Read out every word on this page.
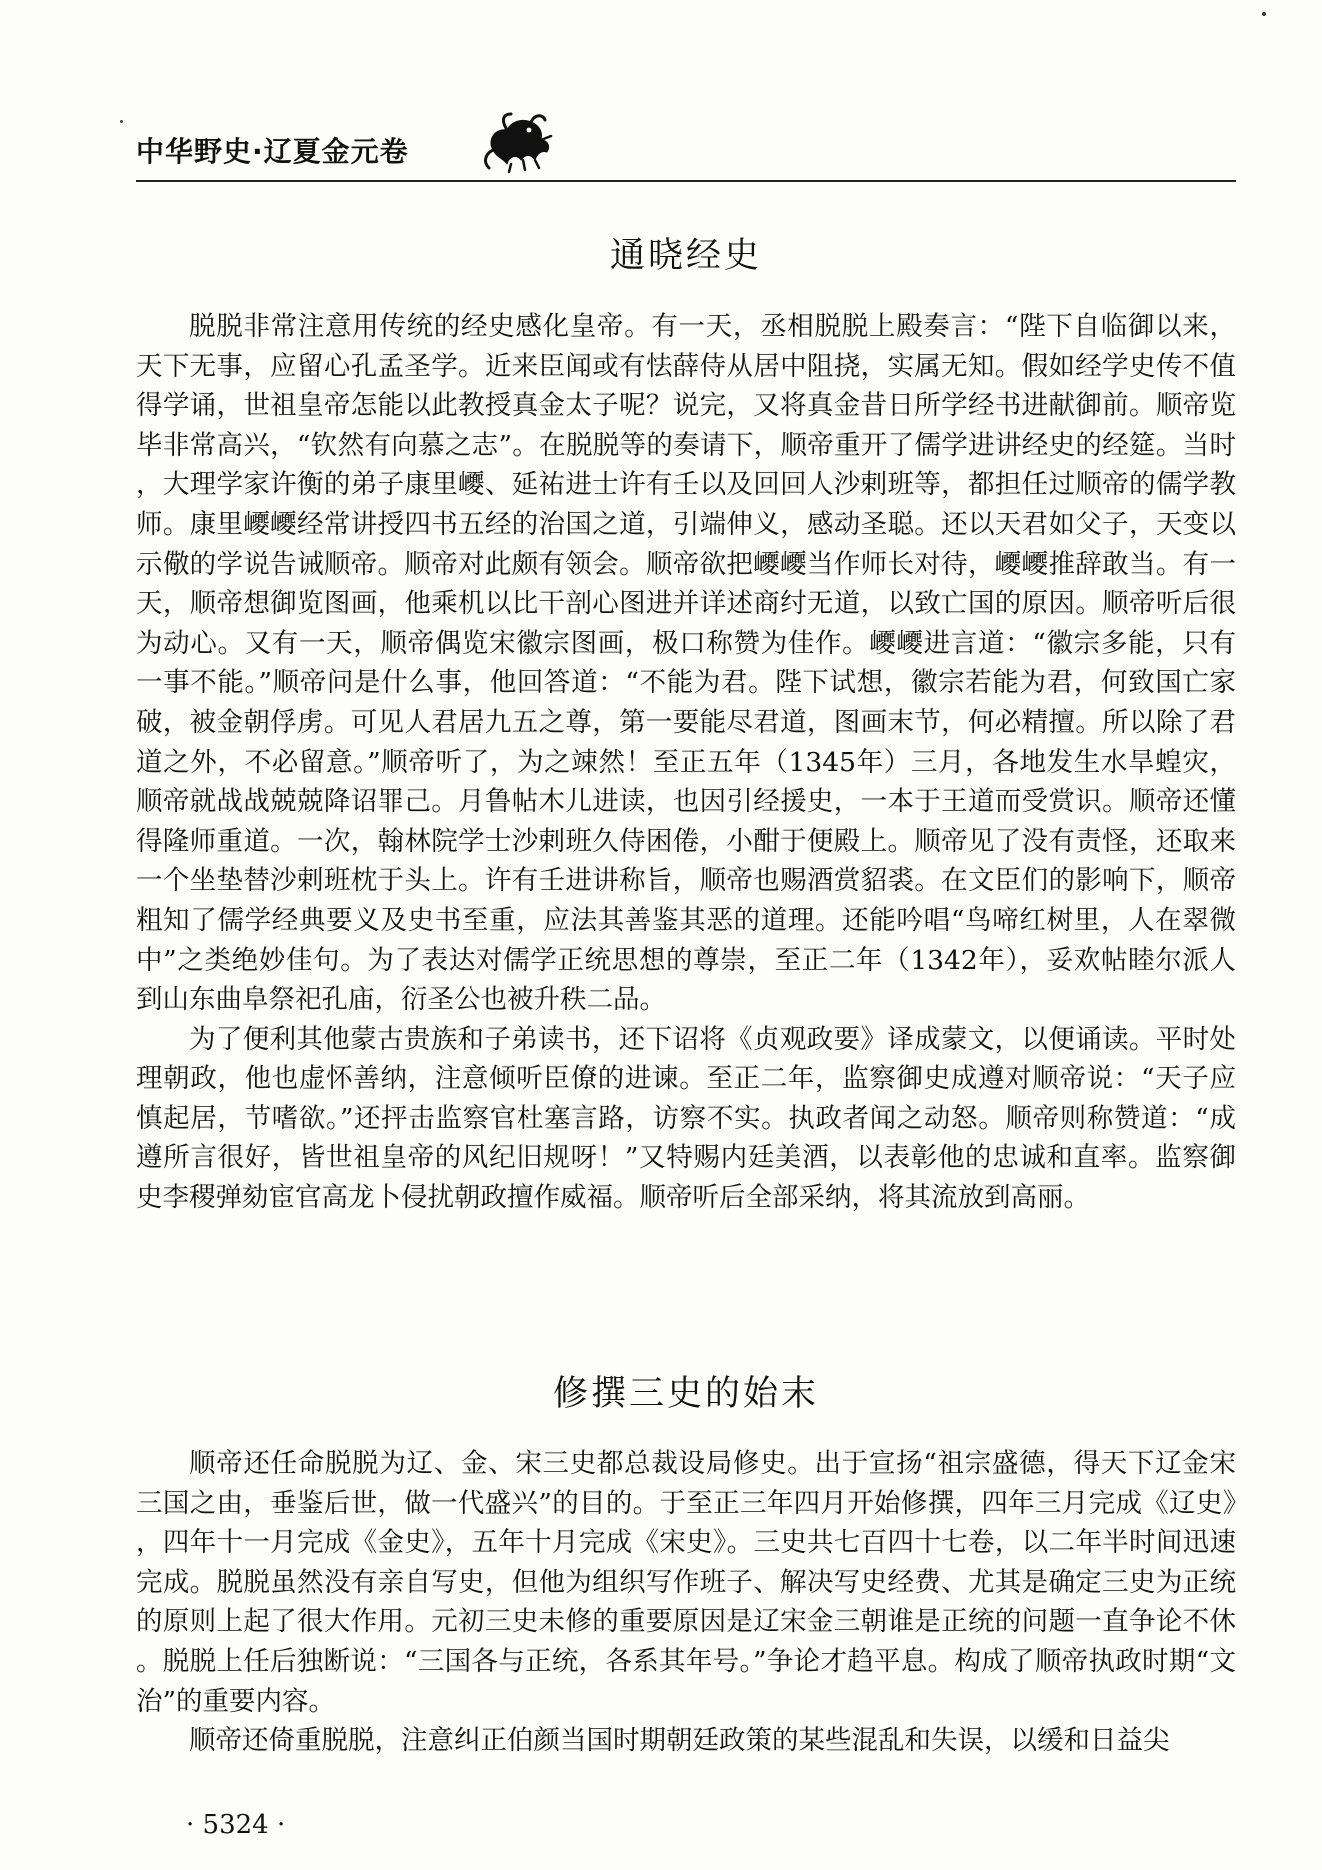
中华野史·辽夏金元卷
通晓经史

脱脱非常注意用传统的经史感化皇帝。有一天，丞相脱脱上殿奏言：“陛下自临御以来，天下无事，应留心孔孟圣学。近来臣闻或有怯薛侍从居中阻挠，实属无知。假如经学史传不值得学诵，世祖皇帝怎能以此教授真金太子呢？说完，又将真金昔日所学经书进献御前。顺帝览毕非常高兴，“钦然有向慕之志”。在脱脱等的奏请下，顺帝重开了儒学进讲经史的经筵。当时，大理学家许衡的弟子康里巎、延祐进士许有壬以及回回人沙剌班等，都担任过顺帝的儒学教师。康里巎巎经常讲授四书五经的治国之道，引端伸义，感动圣聪。还以天君如父子，天变以示儆的学说告诫顺帝。顺帝对此颇有领会。顺帝欲把巎巎当作师长对待，巎巎推辞敢当。有一天，顺帝想御览图画，他乘机以比干剖心图进并详述商纣无道，以致亡国的原因。顺帝听后很为动心。又有一天，顺帝偶览宋徽宗图画，极口称赞为佳作。巎巎进言道：“徽宗多能，只有一事不能。”顺帝问是什么事，他回答道：“不能为君。陛下试想，徽宗若能为君，何致国亡家破，被金朝俘虏。可见人君居九五之尊，第一要能尽君道，图画末节，何必精擅。所以除了君道之外，不必留意。”顺帝听了，为之竦然！至正五年（1345年）三月，各地发生水旱蝗灾，顺帝就战战兢兢降诏罪己。月鲁帖木儿进读，也因引经援史，一本于王道而受赏识。顺帝还懂得隆师重道。一次，翰林院学士沙剌班久侍困倦，小酣于便殿上。顺帝见了没有责怪，还取来一个坐垫替沙剌班枕于头上。许有壬进讲称旨，顺帝也赐酒赏貂裘。在文臣们的影响下，顺帝粗知了儒学经典要义及史书至重，应法其善鉴其恶的道理。还能吟唱“鸟啼红树里，人在翠微中”之类绝妙佳句。为了表达对儒学正统思想的尊崇，至正二年（1342年），妥欢帖睦尔派人到山东曲阜祭祀孔庙，衍圣公也被升秩二品。

为了便利其他蒙古贵族和子弟读书，还下诏将《贞观政要》译成蒙文，以便诵读。平时处理朝政，他也虚怀善纳，注意倾听臣僚的进谏。至正二年，监察御史成遵对顺帝说：“天子应慎起居，节嗜欲。”还抨击监察官杜塞言路，访察不实。执政者闻之动怒。顺帝则称赞道：“成遵所言很好，皆世祖皇帝的风纪旧规呀！”又特赐内廷美酒，以表彰他的忠诚和直率。监察御史李稷弹劾宦官高龙卜侵扰朝政擅作威福。顺帝听后全部采纳，将其流放到高丽。

修撰三史的始末

顺帝还任命脱脱为辽、金、宋三史都总裁设局修史。出于宣扬“祖宗盛德，得天下辽金宋三国之由，垂鉴后世，做一代盛兴”的目的。于至正三年四月开始修撰，四年三月完成《辽史》，四年十一月完成《金史》，五年十月完成《宋史》。三史共七百四十七卷，以二年半时间迅速完成。脱脱虽然没有亲自写史，但他为组织写作班子、解决写史经费、尤其是确定三史为正统的原则上起了很大作用。元初三史未修的重要原因是辽宋金三朝谁是正统的问题一直争论不休。脱脱上任后独断说：“三国各与正统，各系其年号。”争论才趋平息。构成了顺帝执政时期“文治”的重要内容。

顺帝还倚重脱脱，注意纠正伯颜当国时期朝廷政策的某些混乱和失误，以缓和日益尖

· 5324 ·
